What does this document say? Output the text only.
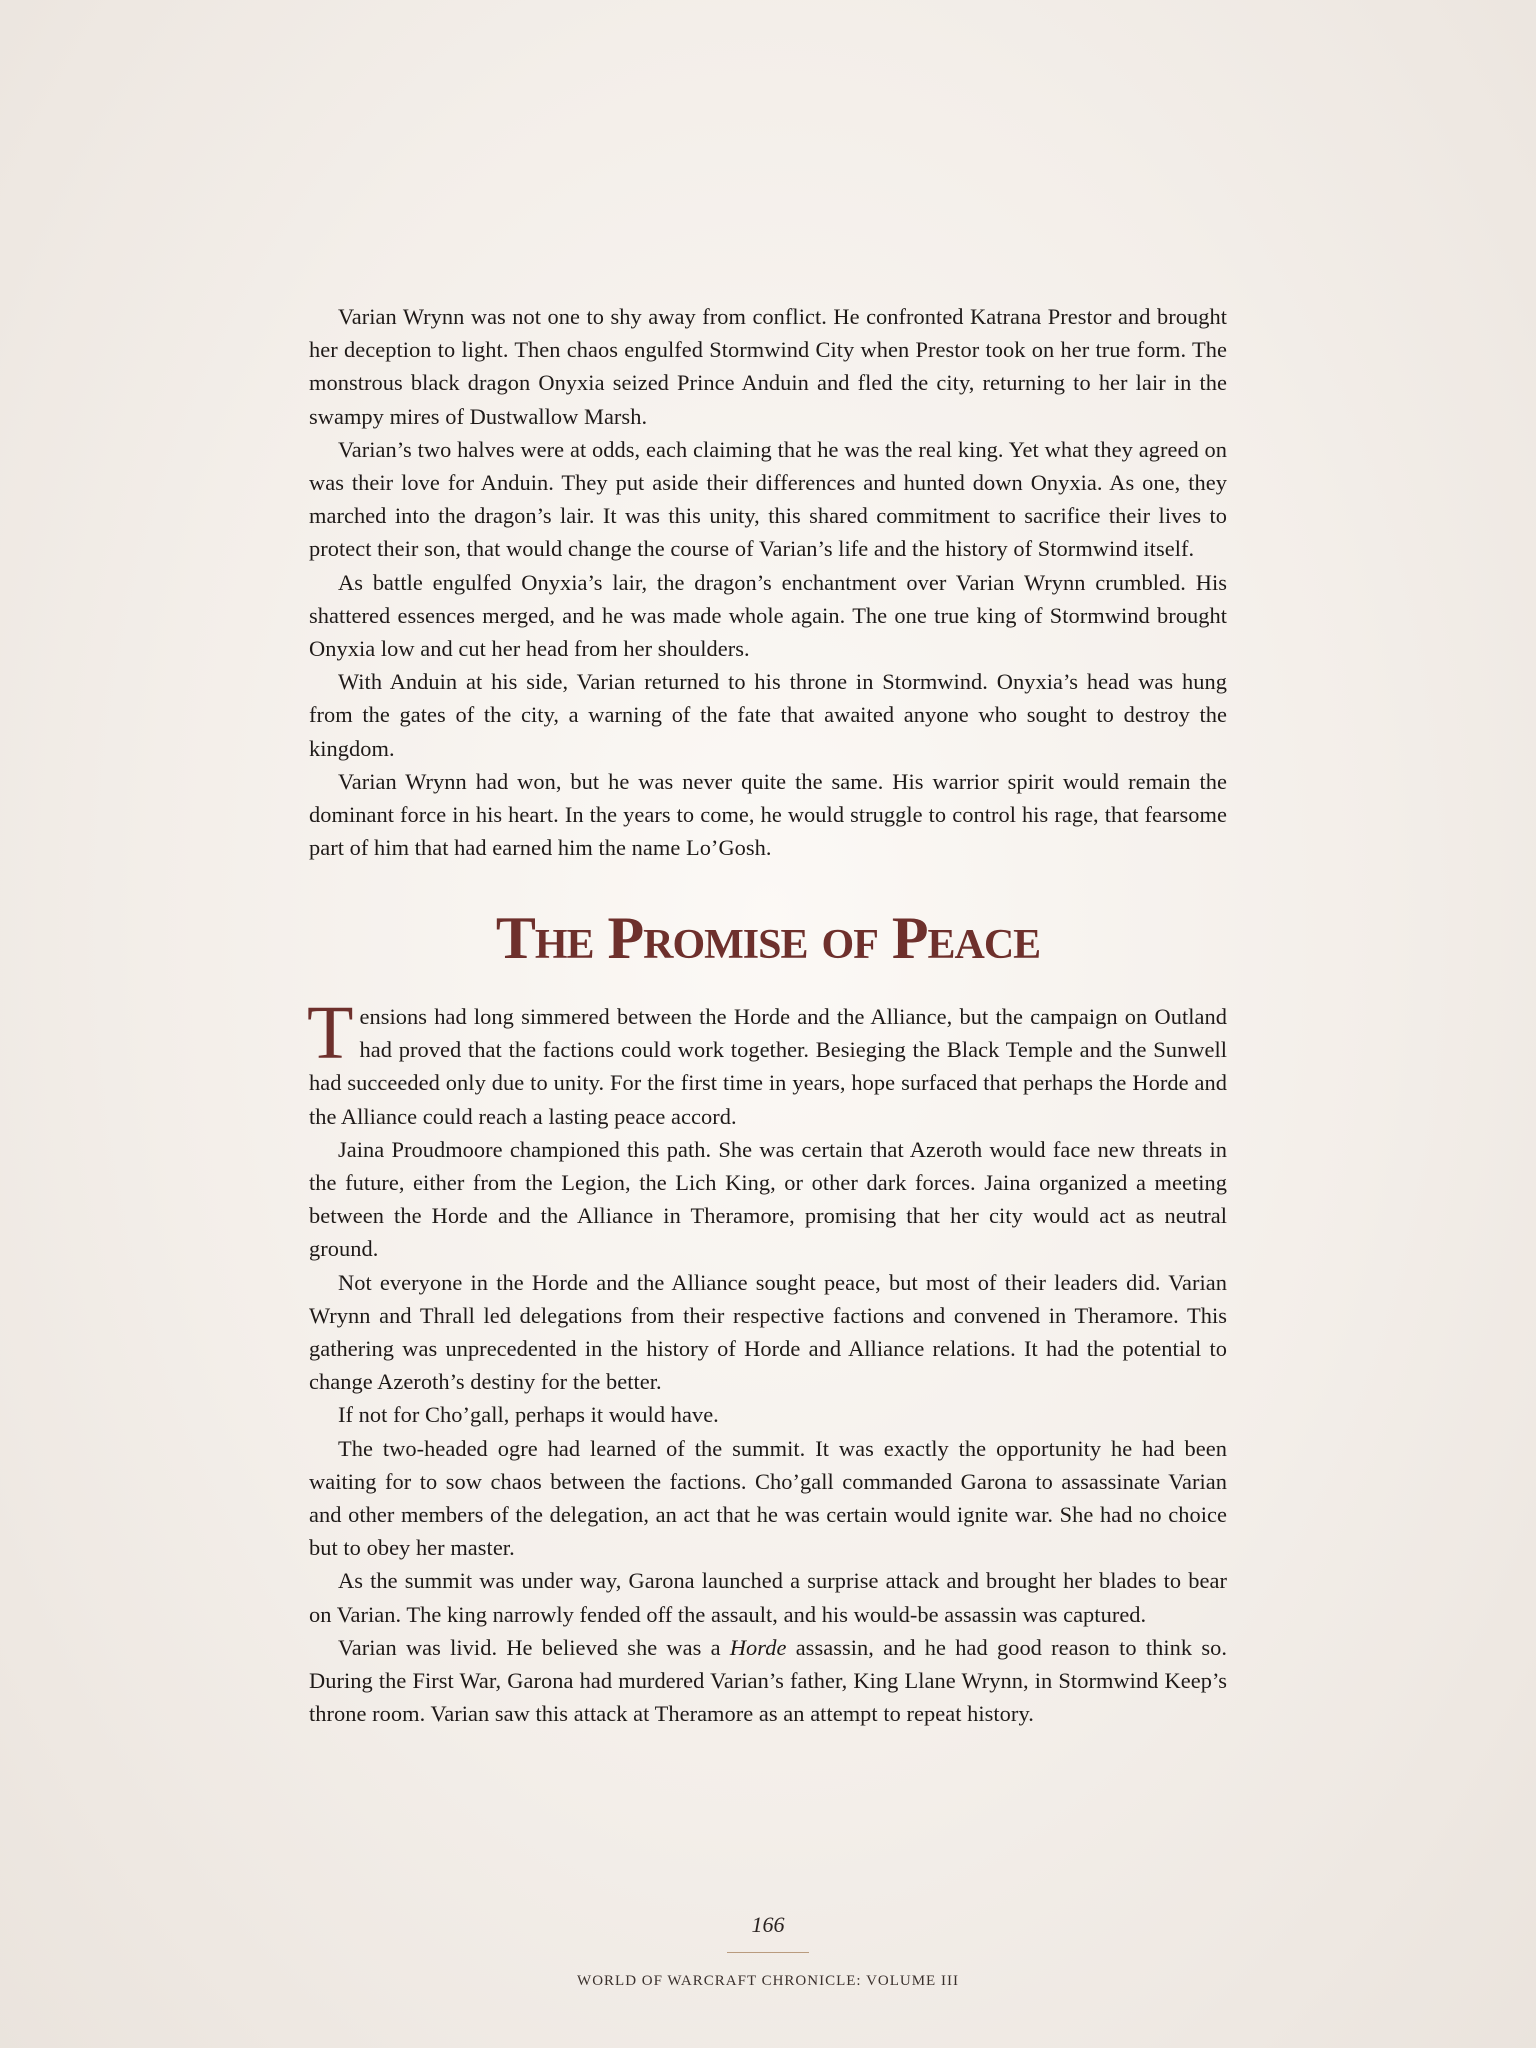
Varian Wrynn was not one to shy away from conflict. He confronted Katrana Prestor and brought her deception to light. Then chaos engulfed Stormwind City when Prestor took on her true form. The monstrous black dragon Onyxia seized Prince Anduin and fled the city, returning to her lair in the swampy mires of Dustwallow Marsh.

Varian’s two halves were at odds, each claiming that he was the real king. Yet what they agreed on was their love for Anduin. They put aside their differences and hunted down Onyxia. As one, they marched into the dragon’s lair. It was this unity, this shared commitment to sacrifice their lives to protect their son, that would change the course of Varian’s life and the history of Stormwind itself.

As battle engulfed Onyxia’s lair, the dragon’s enchantment over Varian Wrynn crumbled. His shattered essences merged, and he was made whole again. The one true king of Stormwind brought Onyxia low and cut her head from her shoulders.

With Anduin at his side, Varian returned to his throne in Stormwind. Onyxia’s head was hung from the gates of the city, a warning of the fate that awaited anyone who sought to destroy the kingdom.

Varian Wrynn had won, but he was never quite the same. His warrior spirit would remain the dominant force in his heart. In the years to come, he would struggle to control his rage, that fearsome part of him that had earned him the name Lo’Gosh.

The Promise of Peace

Tensions had long simmered between the Horde and the Alliance, but the campaign on Outland had proved that the factions could work together. Besieging the Black Temple and the Sunwell had succeeded only due to unity. For the first time in years, hope surfaced that perhaps the Horde and the Alliance could reach a lasting peace accord.

Jaina Proudmoore championed this path. She was certain that Azeroth would face new threats in the future, either from the Legion, the Lich King, or other dark forces. Jaina organized a meeting between the Horde and the Alliance in Theramore, promising that her city would act as neutral ground.

Not everyone in the Horde and the Alliance sought peace, but most of their leaders did. Varian Wrynn and Thrall led delegations from their respective factions and convened in Theramore. This gathering was unprecedented in the history of Horde and Alliance relations. It had the potential to change Azeroth’s destiny for the better.

If not for Cho’gall, perhaps it would have.

The two-headed ogre had learned of the summit. It was exactly the opportunity he had been waiting for to sow chaos between the factions. Cho’gall commanded Garona to assassinate Varian and other members of the delegation, an act that he was certain would ignite war. She had no choice but to obey her master.

As the summit was under way, Garona launched a surprise attack and brought her blades to bear on Varian. The king narrowly fended off the assault, and his would-be assassin was captured.

Varian was livid. He believed she was a Horde assassin, and he had good reason to think so. During the First War, Garona had murdered Varian’s father, King Llane Wrynn, in Stormwind Keep’s throne room. Varian saw this attack at Theramore as an attempt to repeat history.

166
WORLD OF WARCRAFT CHRONICLE: VOLUME III
